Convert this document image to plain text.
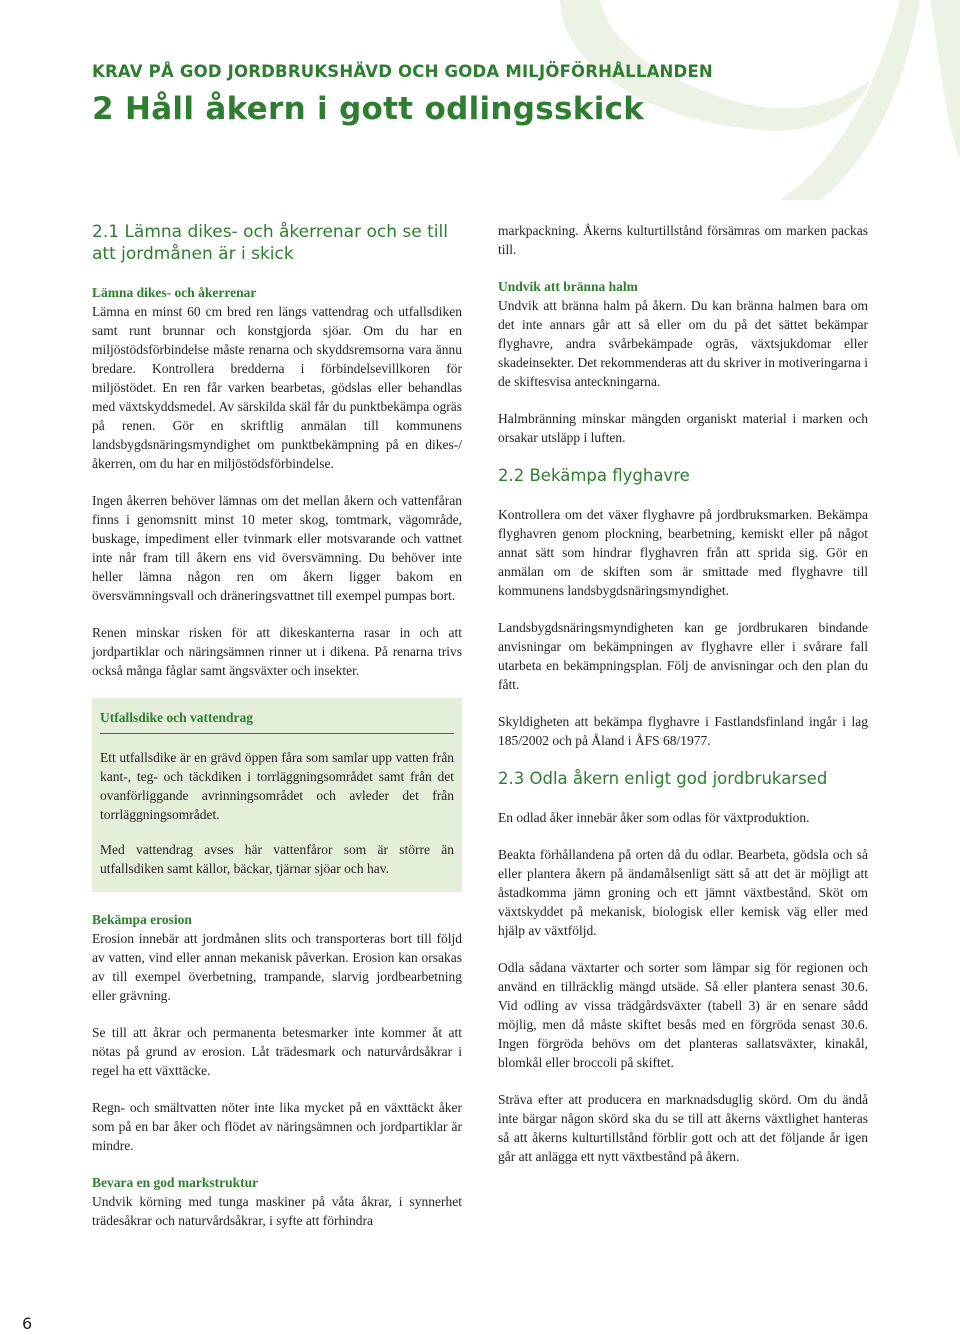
KRAV PÅ GOD JORDBRUKSHÄVD OCH GODA MILJÖFÖRHÅLLANDEN
2 Håll åkern i gott odlingsskick
2.1 Lämna dikes- och åkerrenar och se till att jordmånen är i skick
Lämna dikes- och åkerrenar

Lämna en minst 60 cm bred ren längs vattendrag och utfallsdiken samt runt brunnar och konstgjorda sjöar. Om du har en miljöstödsförbindelse måste renarna och skyddsremsorna vara ännu bredare. Kontrollera bredderna i förbindelsevillkoren för miljöstödet. En ren får varken bearbetas, gödslas eller behandlas med växtskyddsmedel. Av särskilda skäl får du punktbekämpa ogräs på renen. Gör en skriftlig anmälan till kommunens landsbygdsnäringsmyndighet om punktbekämpning på en dikes-/åkerren, om du har en miljöstödsförbindelse.

Ingen åkerren behöver lämnas om det mellan åkern och vattenfåran finns i genomsnitt minst 10 meter skog, tomtmark, vägområde, buskage, impediment eller tvinmark eller motsvarande och vattnet inte når fram till åkern ens vid översvämning. Du behöver inte heller lämna någon ren om åkern ligger bakom en översvämningsvall och dräneringsvattnet till exempel pumpas bort.

Renen minskar risken för att dikeskanterna rasar in och att jordpartiklar och näringsämnen rinner ut i dikena. På renarna trivs också många fåglar samt ängsväxter och insekter.

Utfallsdike och vattendrag

Ett utfallsdike är en grävd öppen fåra som samlar upp vatten från kant-, teg- och täckdiken i torrläggningsområdet samt från det ovanförliggande avrinningsområdet och avleder det från torrläggningsområdet.

Med vattendrag avses här vattenfåror som är större än utfallsdiken samt källor, bäckar, tjärnar sjöar och hav.

Bekämpa erosion

Erosion innebär att jordmånen slits och transporteras bort till följd av vatten, vind eller annan mekanisk påverkan. Erosion kan orsakas av till exempel överbetning, trampande, slarvig jordbearbetning eller grävning.

Se till att åkrar och permanenta betesmarker inte kommer åt att nötas på grund av erosion. Låt trädesmark och naturvårdsåkrar i regel ha ett växttäcke.

Regn- och smältvatten nöter inte lika mycket på en växttäckt åker som på en bar åker och flödet av näringsämnen och jordpartiklar är mindre.

Bevara en god markstruktur

Undvik körning med tunga maskiner på våta åkrar, i synnerhet trädesåkrar och naturvårdsåkrar, i syfte att förhindra

markpackning. Åkerns kulturtillstånd försämras om marken packas till.

Undvik att bränna halm

Undvik att bränna halm på åkern. Du kan bränna halmen bara om det inte annars går att så eller om du på det sättet bekämpar flyghavre, andra svårbekämpade ogräs, växtsjukdomar eller skadeinsekter. Det rekommenderas att du skriver in motiveringarna i de skiftesvisa anteckningarna.

Halmbränning minskar mängden organiskt material i marken och orsakar utsläpp i luften.

2.2 Bekämpa flyghavre

Kontrollera om det växer flyghavre på jordbruksmarken. Bekämpa flyghavren genom plockning, bearbetning, kemiskt eller på något annat sätt som hindrar flyghavren från att sprida sig. Gör en anmälan om de skiften som är smittade med flyghavre till kommunens landsbygdsnäringsmyndighet.

Landsbygdsnäringsmyndigheten kan ge jordbrukaren bindande anvisningar om bekämpningen av flyghavre eller i svårare fall utarbeta en bekämpningsplan. Följ de anvisningar och den plan du fått.

Skyldigheten att bekämpa flyghavre i Fastlandsfinland ingår i lag 185/2002 och på Åland i ÅFS 68/1977.

2.3 Odla åkern enligt god jordbrukarsed

En odlad åker innebär åker som odlas för växtproduktion.

Beakta förhållandena på orten då du odlar. Bearbeta, gödsla och så eller plantera åkern på ändamålsenligt sätt så att det är möjligt att åstadkomma jämn groning och ett jämnt växtbestånd. Sköt om växtskyddet på mekanisk, biologisk eller kemisk väg eller med hjälp av växtföljd.

Odla sådana växtarter och sorter som lämpar sig för regionen och använd en tillräcklig mängd utsäde. Så eller plantera senast 30.6. Vid odling av vissa trädgårdsväxter (tabell 3) är en senare sådd möjlig, men då måste skiftet besås med en förgröda senast 30.6. Ingen förgröda behövs om det planteras sallatsväxter, kinakål, blomkål eller broccoli på skiftet.

Sträva efter att producera en marknadsduglig skörd. Om du ändå inte bärgar någon skörd ska du se till att åkerns växtlighet hanteras så att åkerns kulturtillstånd förblir gott och att det följande år igen går att anlägga ett nytt växtbestånd på åkern.

6
